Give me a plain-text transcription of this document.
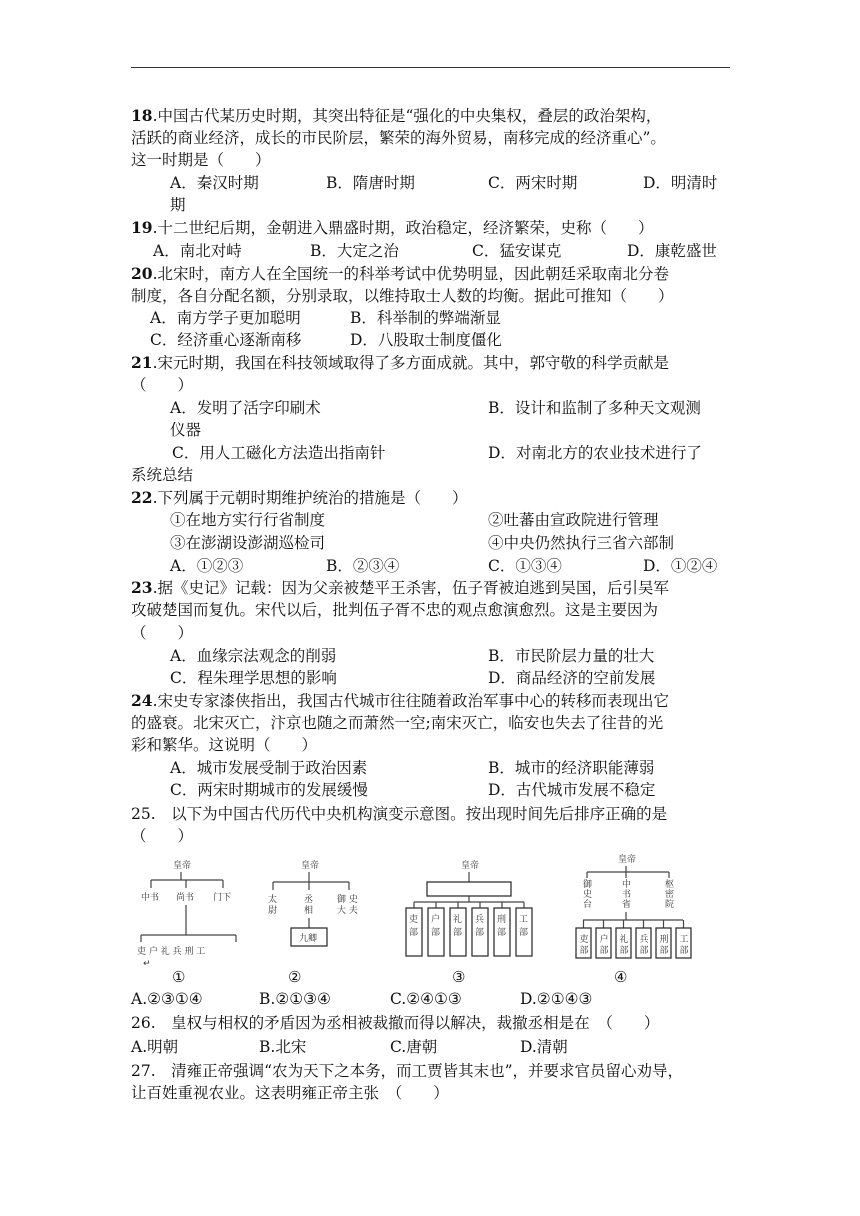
18.中国古代某历史时期，其突出特征是“强化的中央集权，叠层的政治架构，
活跃的商业经济，成长的市民阶层，繁荣的海外贸易，南移完成的经济重心”。
这一时期是（　　）
A．秦汉时期	B．隋唐时期	C．两宋时期	D．明清时
期
19.十二世纪后期，金朝进入鼎盛时期，政治稳定，经济繁荣，史称（　　）
A．南北对峙	B．大定之治	C．猛安谋克	D．康乾盛世
20.北宋时，南方人在全国统一的科举考试中优势明显，因此朝廷采取南北分卷
制度，各自分配名额，分别录取，以维持取士人数的均衡。据此可推知（　　）
A．南方学子更加聪明	B．科举制的弊端渐显
C．经济重心逐渐南移	D．八股取士制度僵化
21.宋元时期，我国在科技领域取得了多方面成就。其中，郭守敬的科学贡献是
（　　）
A．发明了活字印刷术	B．设计和监制了多种天文观测
仪器
C．用人工磁化方法造出指南针	D．对南北方的农业技术进行了
系统总结
22.下列属于元朝时期维护统治的措施是（　　）
①在地方实行行省制度	②吐蕃由宣政院进行管理
③在澎湖设澎湖巡检司	④中央仍然执行三省六部制
A．①②③	B．②③④	C．①③④	D．①②④
23.据《史记》记载：因为父亲被楚平王杀害，伍子胥被迫逃到吴国，后引吴军
攻破楚国而复仇。宋代以后，批判伍子胥不忠的观点愈演愈烈。这是主要因为
（　　）
A．血缘宗法观念的削弱	B．市民阶层力量的壮大
C．程朱理学思想的影响	D．商品经济的空前发展
24.宋史专家漆侠指出，我国古代城市往往随着政治军事中心的转移而表现出它
的盛衰。北宋灭亡，汴京也随之而萧然一空;南宋灭亡，临安也失去了往昔的光
彩和繁华。这说明（　　）
A．城市发展受制于政治因素	B．城市的经济职能薄弱
C．两宋时期城市的发展缓慢	D．古代城市发展不稳定
25.　以下为中国古代历代中央机构演变示意图。按出现时间先后排序正确的是
（　　）
皇帝
中书 尚书 门下
吏 户 礼 兵 刑 工
↵
皇帝
太
尉
丞
相
御 史
大 夫
九卿
皇帝
吏
部
户
部
礼
部
兵
部
刑
部
工
部
皇帝
御
史
台
中
书
省
枢
密
院
吏
部
户
部
礼
部
兵
部
刑
部
工
部
①	②	③	④
A.②③①④	B.②①③④	C.②④①③	D.②①④③
26.　皇权与相权的矛盾因为丞相被裁撤而得以解决，裁撤丞相是在　（　　）
A.明朝	B.北宋	C.唐朝	D.清朝
27.　清雍正帝强调“农为天下之本务，而工贾皆其末也”，并要求官员留心劝导，
让百姓重视农业。这表明雍正帝主张　（　　）
